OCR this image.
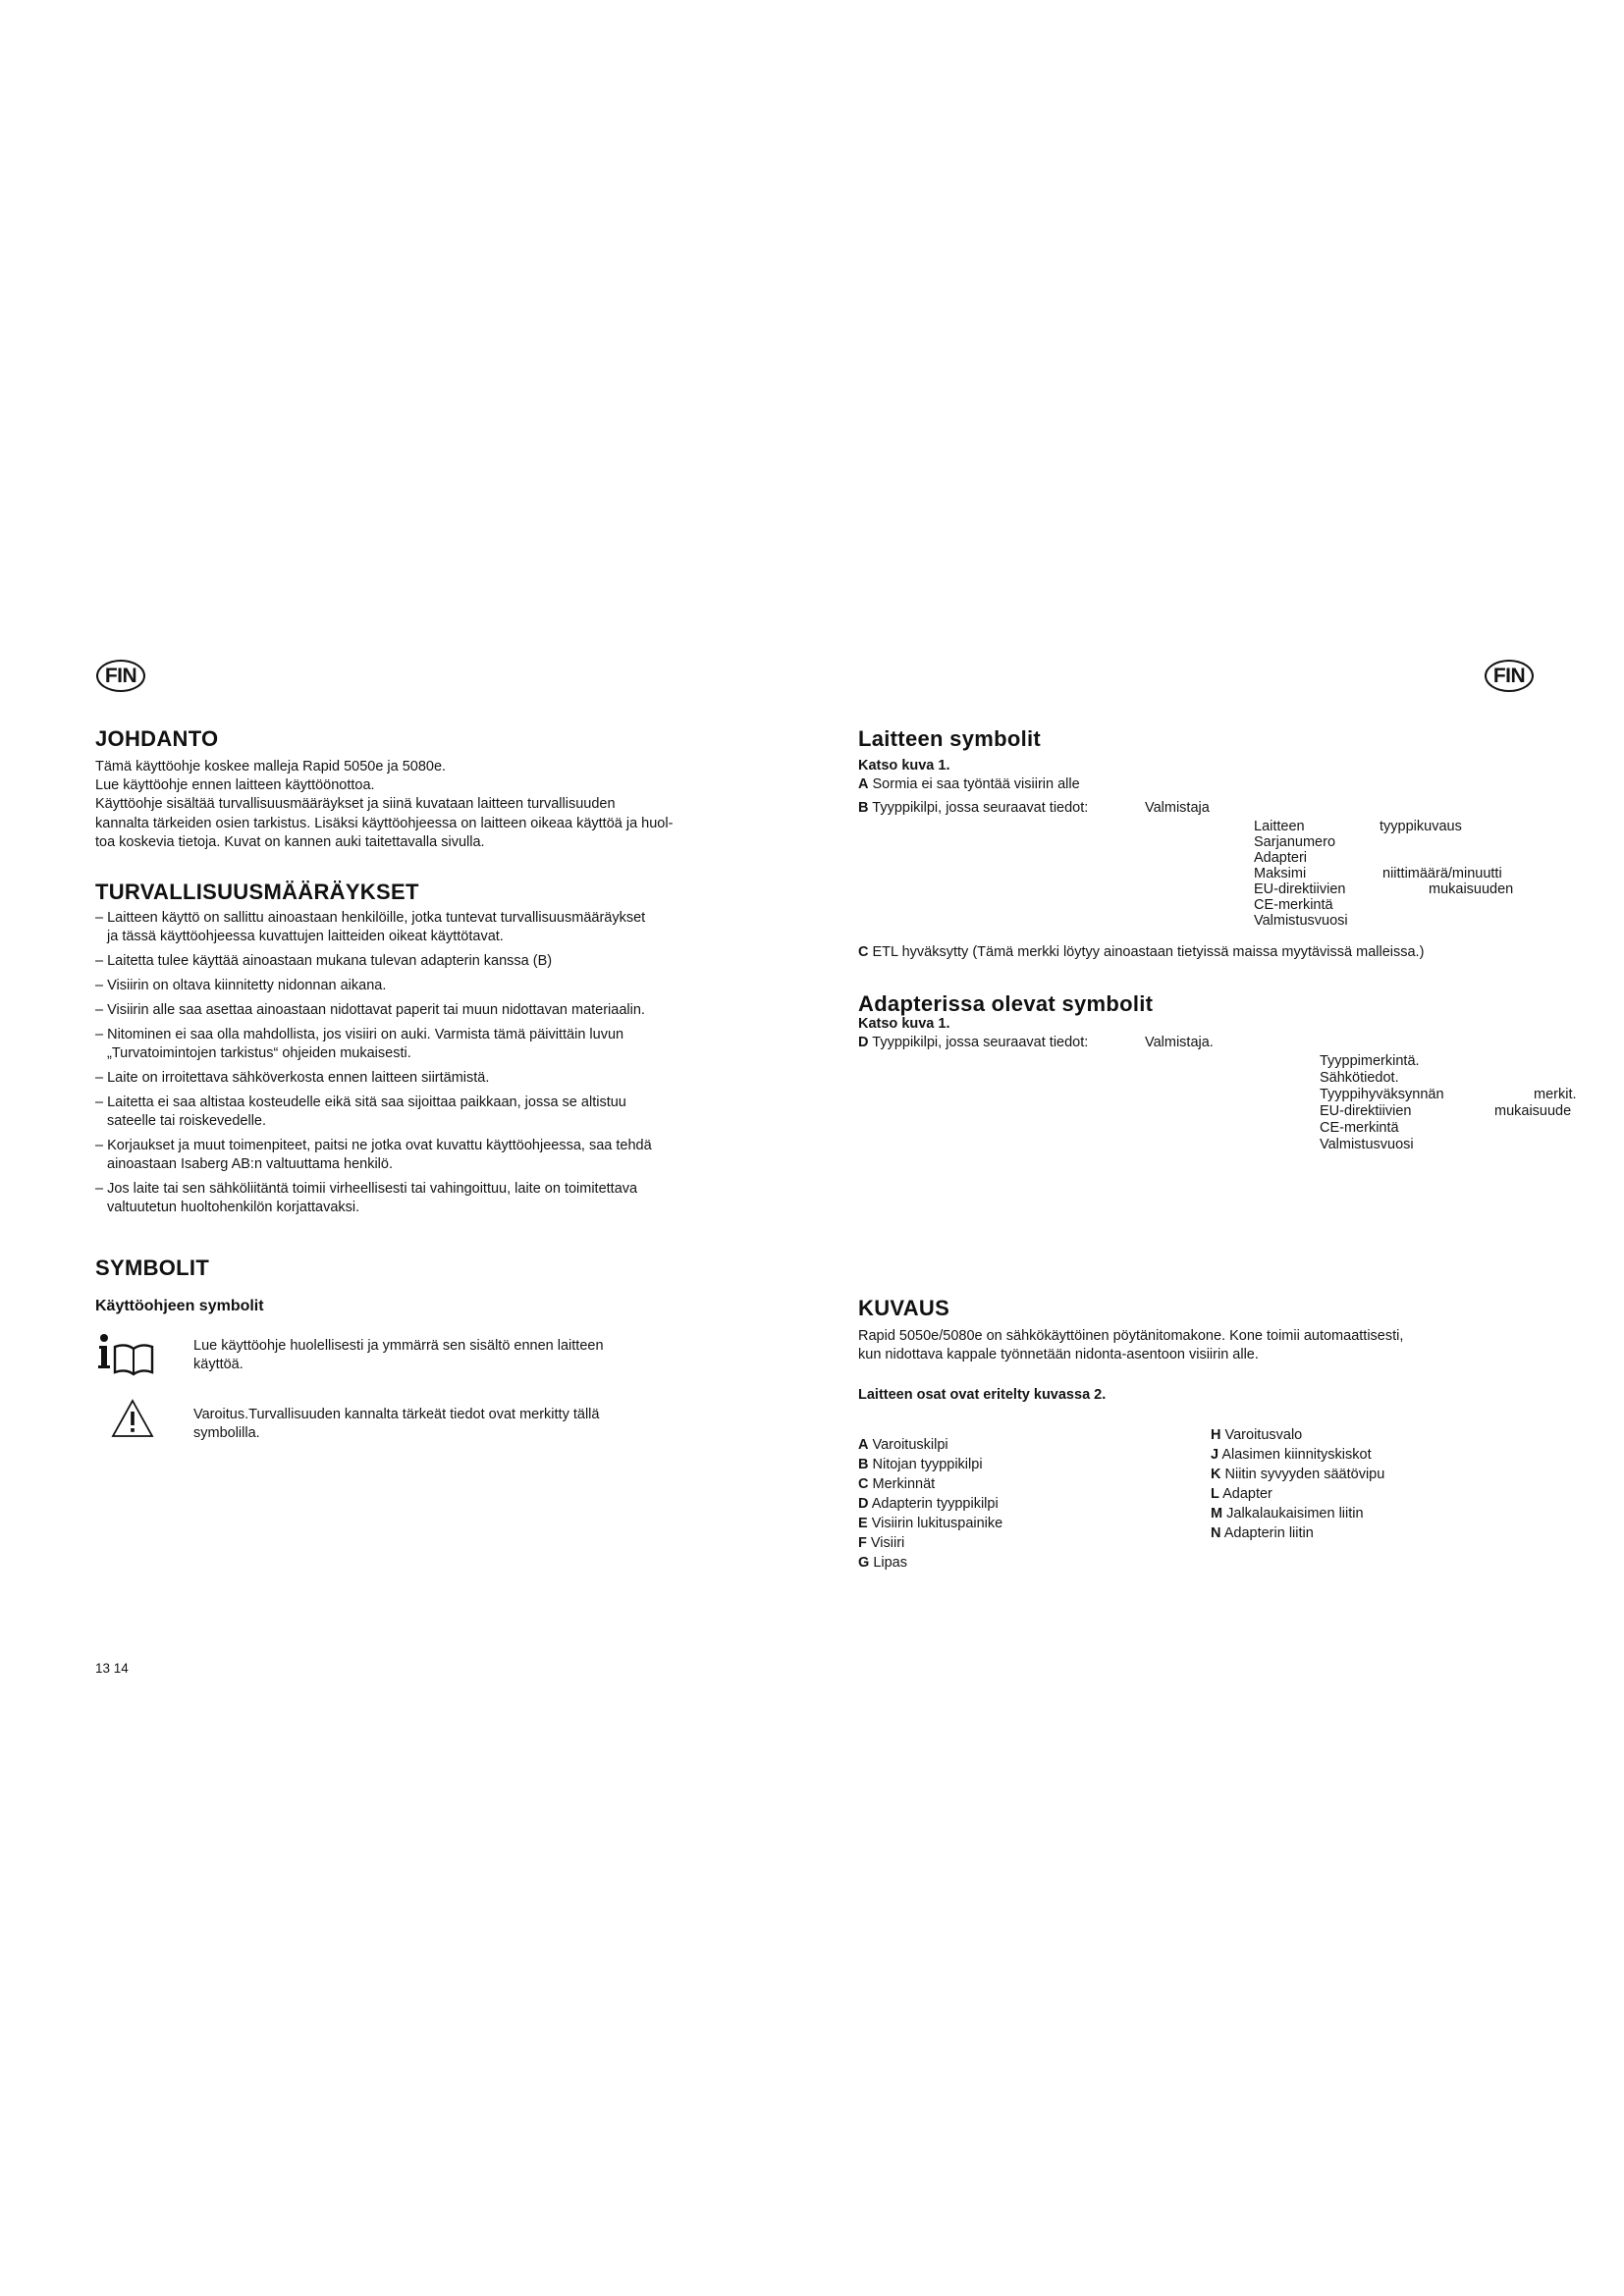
FIN
JOHDANTO
Tämä käyttöohje koskee malleja Rapid 5050e ja 5080e.
Lue käyttöohje ennen laitteen käyttöönottoa.
Käyttöohje sisältää turvallisuusmääräykset ja siinä kuvataan laitteen turvallisuuden
kannalta tärkeiden osien tarkistus. Lisäksi käyttöohjeessa on laitteen oikeaa käyttöä ja huol-
toa koskevia tietoja. Kuvat on kannen auki taitettavalla sivulla.
TURVALLISUUSMÄÄRÄYKSET
– Laitteen käyttö on sallittu ainoastaan henkilöille, jotka tuntevat turvallisuusmääräykset
ja tässä käyttöohjeessa kuvattujen laitteiden oikeat käyttötavat.
– Laitetta tulee käyttää ainoastaan mukana tulevan adapterin kanssa (B)
– Visiirin on oltava kiinnitetty nidonnan aikana.
– Visiirin alle saa asettaa ainoastaan nidottavat paperit tai muun nidottavan materiaalin.
– Nitominen ei saa olla mahdollista, jos visiiri on auki. Varmista tämä päivittäin luvun
„Turvatoimintojen tarkistus“ ohjeiden mukaisesti.
– Laite on irroitettava sähköverkosta ennen laitteen siirtämistä.
– Laitetta ei saa altistaa kosteudelle eikä sitä saa sijoittaa paikkaan, jossa se altistuu
sateelle tai roiskevedelle.
– Korjaukset ja muut toimenpiteet, paitsi ne jotka ovat kuvattu käyttöohjeessa, saa tehdä
ainoastaan Isaberg AB:n valtuuttama henkilö.
– Jos laite tai sen sähköliitäntä toimii virheellisesti tai vahingoittuu, laite on toimitettava
valtuutetun huoltohenkilön korjattavaksi.
SYMBOLIT
Käyttöohjeen symbolit
Lue käyttöohje huolellisesti ja ymmärrä sen sisältö ennen laitteen
käyttöä.
Varoitus.Turvallisuuden kannalta tärkeät tiedot ovat merkitty tällä
symbolilla.
13 14
FIN
Laitteen symbolit
Katso kuva 1.
A Sormia ei saa työntää visiirin alle
B Tyyppikilpi, jossa seuraavat tiedot:	Valmistaja
Laitteen	tyyppikuvaus
Sarjanumero
Adapteri
Maksimi	niittimäärä/minuutti
EU-direktiivien	mukaisuuden
CE-merkintä
Valmistusvuosi
C ETL hyväksytty (Tämä merkki löytyy ainoastaan tietyissä maissa myytävissä malleissa.)
Adapterissa olevat symbolit
Katso kuva 1.
D Tyyppikilpi, jossa seuraavat tiedot:	Valmistaja.
Tyyppimerkintä.
Sähkötiedot.
Tyyppihyväksynnän	merkit.
EU-direktiivien	mukaisuude
CE-merkintä
Valmistusvuosi
KUVAUS
Rapid 5050e/5080e on sähkökäyttöinen pöytänitomakone. Kone toimii automaattisesti,
kun nidottava kappale työnnetään nidonta-asentoon visiirin alle.
Laitteen osat ovat eritelty kuvassa 2.
A Varoituskilpi
B Nitojan tyyppikilpi
C Merkinnät
D Adapterin tyyppikilpi
E Visiirin lukituspainike
F Visiiri
G Lipas
H Varoitusvalo
J Alasimen kiinnityskiskot
K Niitin syvyyden säätövipu
L Adapter
M Jalkalaukaisimen liitin
N Adapterin liitin
